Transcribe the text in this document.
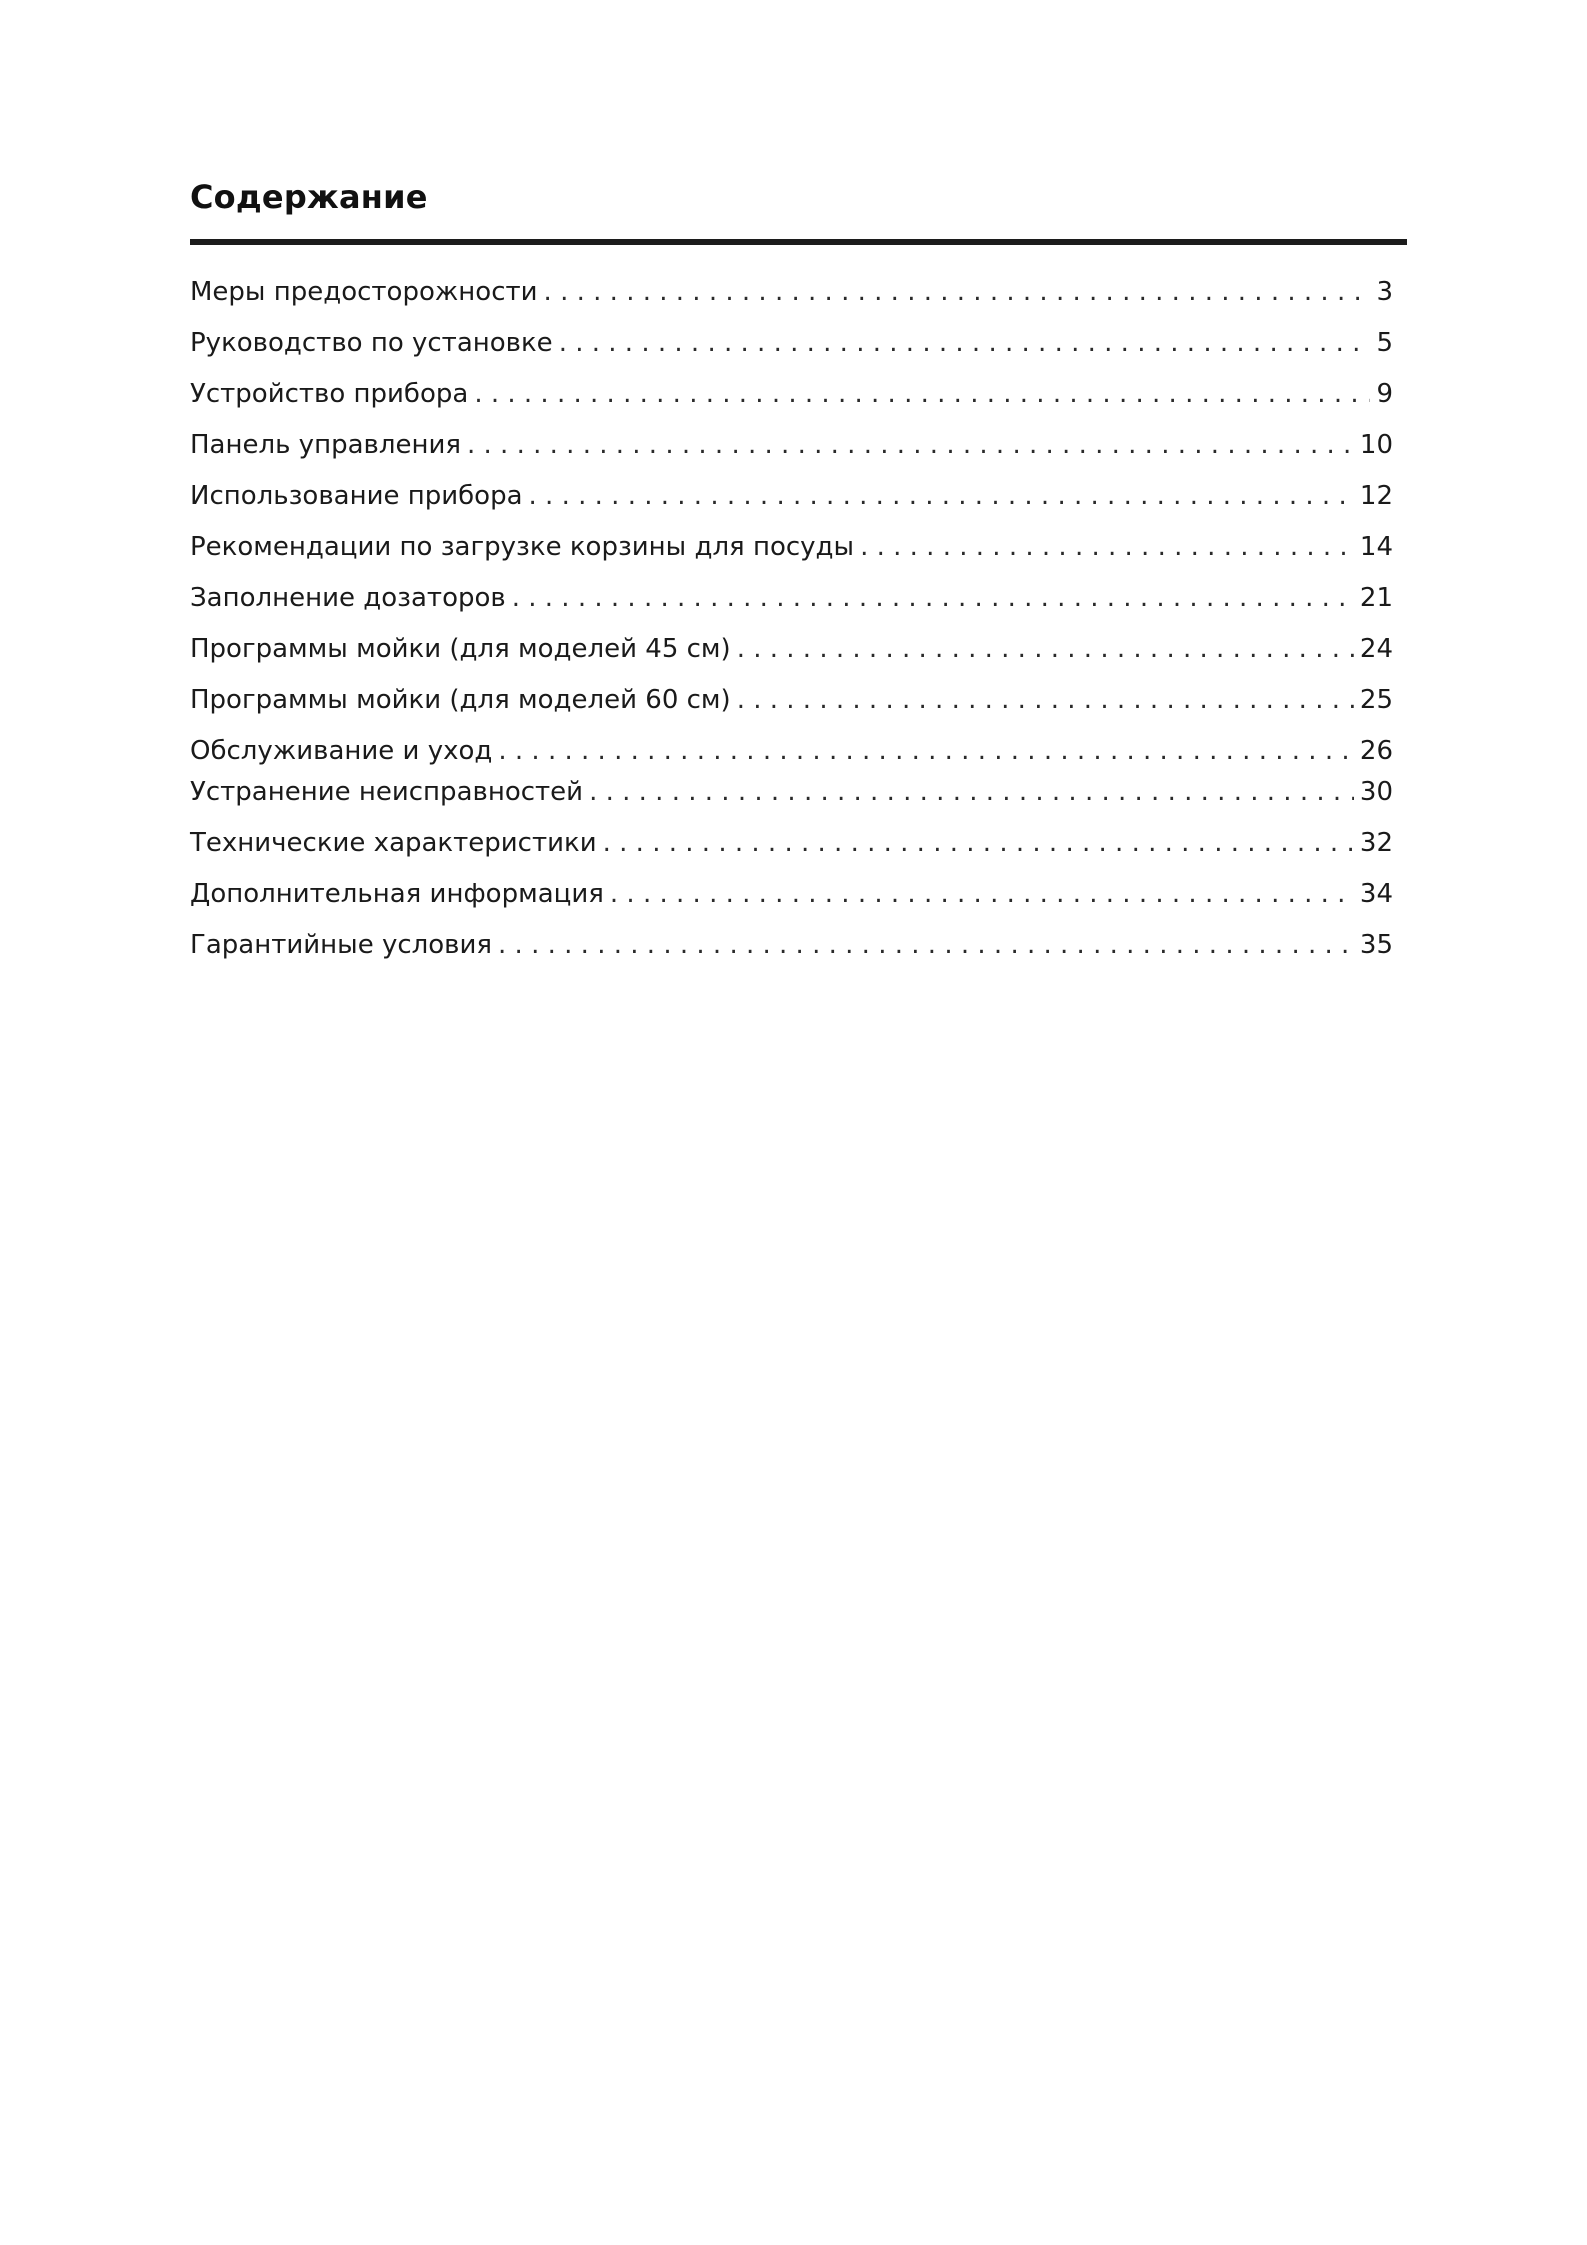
Содержание
Меры предосторожности . . .	3
Руководство по установке . . .	5
Устройство прибора . . .	9
Панель управления . . .	10
Использование прибора . . .	12
Рекомендации по загрузке корзины для посуды . . .	14
Заполнение дозаторов . . .	21
Программы мойки (для моделей 45 см) . . .	24
Программы мойки (для моделей 60 см) . . .	25
Обслуживание и уход . . .	26
Устранение неисправностей . . .	30
Технические характеристики . . .	32
Дополнительная информация . . .	34
Гарантийные условия . . .	35
